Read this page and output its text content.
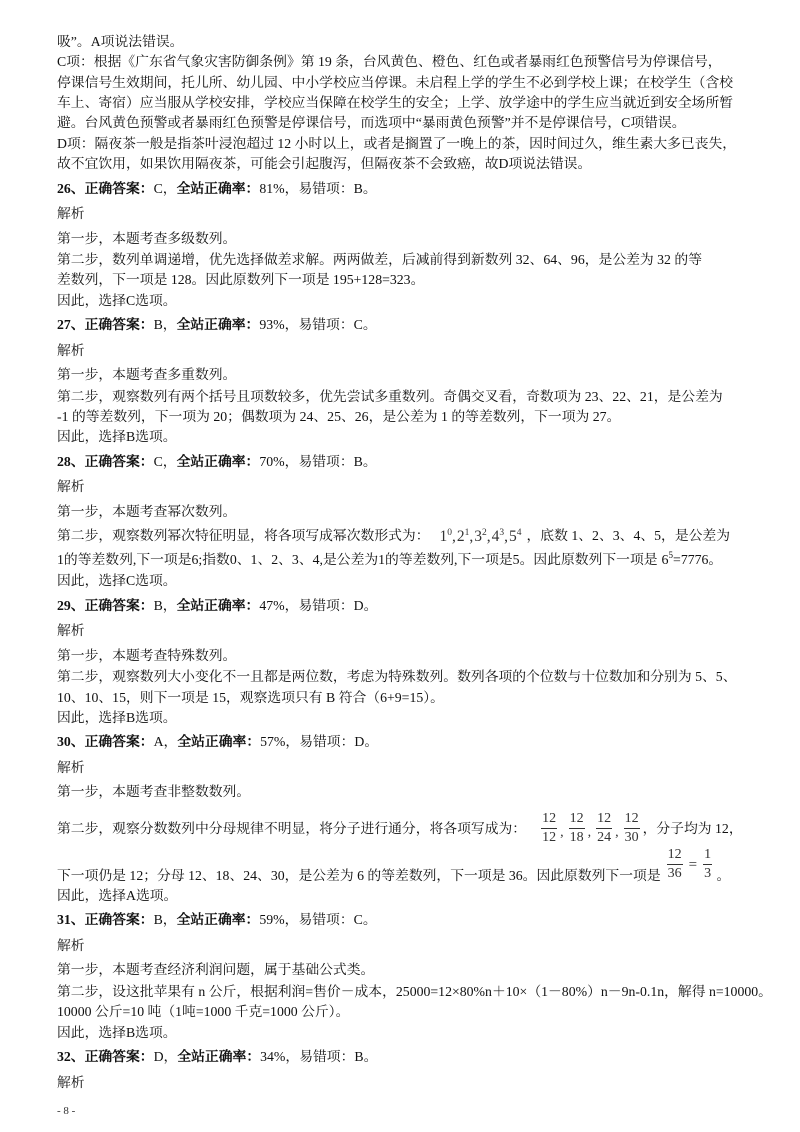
吸”。A项说法错误。
C项：根据《广东省气象灾害防御条例》第 19 条，台风黄色、橙色、红色或者暴雨红色预警信号为停课信号，
停课信号生效期间，托儿所、幼儿园、中小学校应当停课。未启程上学的学生不必到学校上课；在校学生（含校
车上、寄宿）应当服从学校安排，学校应当保障在校学生的安全；上学、放学途中的学生应当就近到安全场所暂
避。台风黄色预警或者暴雨红色预警是停课信号，而选项中“暴雨黄色预警”并不是停课信号，C项错误。
D项：隔夜茶一般是指茶叶浸泡超过 12 小时以上，或者是搁置了一晚上的茶，因时间过久，维生素大多已丧失，
故不宜饮用，如果饮用隔夜茶，可能会引起腹泻，但隔夜茶不会致癌，故D项说法错误。
26、正确答案：C，全站正确率：81%，易错项：B。
解析
第一步，本题考查多级数列。
第二步，数列单调递增，优先选择做差求解。两两做差，后减前得到新数列 32、64、96，是公差为 32 的等
差数列，下一项是 128。因此原数列下一项是 195+128=323。
因此，选择C选项。
27、正确答案：B，全站正确率：93%，易错项：C。
解析
第一步，本题考查多重数列。
第二步，观察数列有两个括号且项数较多，优先尝试多重数列。奇偶交叉看，奇数项为 23、22、21，是公差为
-1 的等差数列，下一项为 20；偶数项为 24、25、26，是公差为 1 的等差数列，下一项为 27。
因此，选择B选项。
28、正确答案：C，全站正确率：70%，易错项：B。
解析
第一步，本题考查幂次数列。
第二步，观察数列幂次特征明显，将各项写成幂次数形式为： $1^0,2^1,3^2,4^3,5^4$ ，底数 1、2、3、4、5，是公差为
1的等差数列,下一项是6;指数0、1、2、3、4,是公差为1的等差数列,下一项是5。因此原数列下一项是 $6^5 =7776$。
因此，选择C选项。
29、正确答案：B，全站正确率：47%，易错项：D。
解析
第一步，本题考查特殊数列。
第二步，观察数列大小变化不一且都是两位数，考虑为特殊数列。数列各项的个位数与十位数加和分别为 5、5、
10、10、15，则下一项是 15，观察选项只有 B 符合（6+9=15）。
因此，选择B选项。
30、正确答案：A，全站正确率：57%，易错项：D。
解析
第一步，本题考查非整数数列。
第二步，观察分数数列中分母规律不明显，将分子进行通分，将各项写成为： $\frac{12}{12}$ , $\frac{12}{18}$ , $\frac{12}{24}$ , $\frac{12}{30}$ ，分子均为 12，
下一项仍是 12；分母 12、18、24、30，是公差为 6 的等差数列，下一项是 36。因此原数列下一项是 $\frac{12}{36} = \frac{1}{3}$ 。
因此，选择A选项。
31、正确答案：B，全站正确率：59%，易错项：C。
解析
第一步，本题考查经济利润问题，属于基础公式类。
第二步，设这批苹果有 n 公斤，根据利润=售价－成本，25000=12×80%n＋10×（1－80%）n－9n-0.1n，解得 n=10000。
10000 公斤=10 吨（1吨=1000 千克=1000 公斤）。
因此，选择B选项。
32、正确答案：D，全站正确率：34%，易错项：B。
解析
- 8 -
